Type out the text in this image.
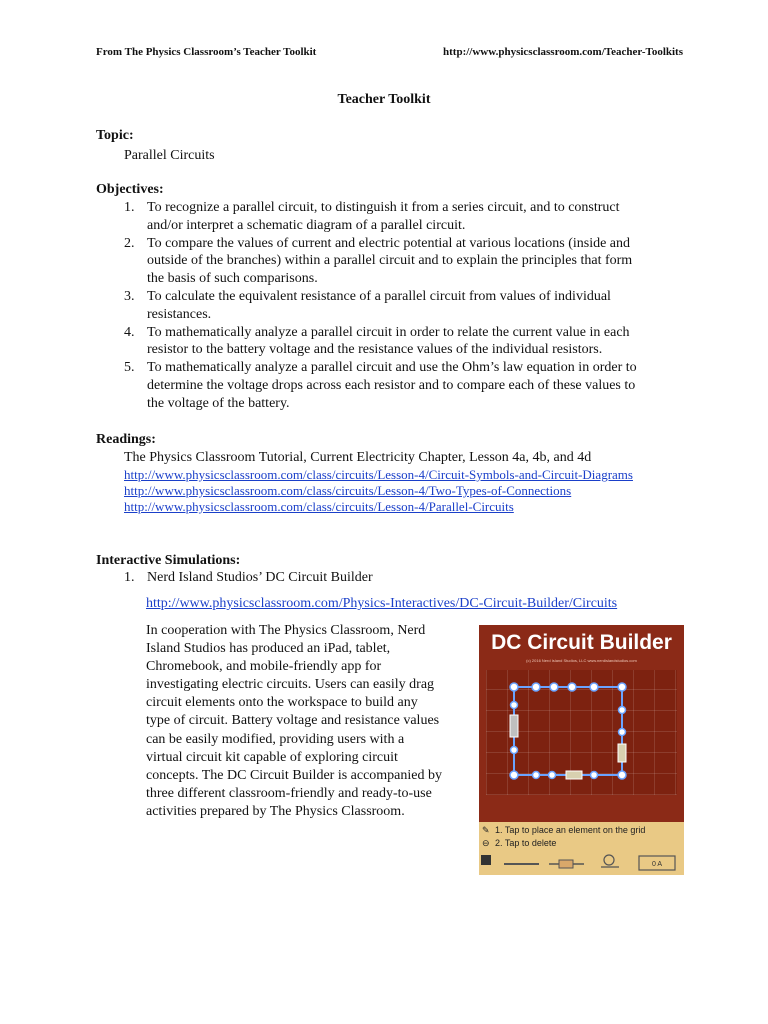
From The Physics Classroom’s Teacher Toolkit	http://www.physicsclassroom.com/Teacher-Toolkits
Teacher Toolkit
Topic:
Parallel Circuits
Objectives:
1. To recognize a parallel circuit, to distinguish it from a series circuit, and to construct
and/or interpret a schematic diagram of a parallel circuit.
2. To compare the values of current and electric potential at various locations (inside and
outside of the branches) within a parallel circuit and to explain the principles that form
the basis of such comparisons.
3. To calculate the equivalent resistance of a parallel circuit from values of individual
resistances.
4. To mathematically analyze a parallel circuit in order to relate the current value in each
resistor to the battery voltage and the resistance values of the individual resistors.
5. To mathematically analyze a parallel circuit and use the Ohm’s law equation in order to
determine the voltage drops across each resistor and to compare each of these values to
the voltage of the battery.
Readings:
The Physics Classroom Tutorial, Current Electricity Chapter, Lesson 4a, 4b, and 4d
http://www.physicsclassroom.com/class/circuits/Lesson-4/Circuit-Symbols-and-Circuit-Diagrams
http://www.physicsclassroom.com/class/circuits/Lesson-4/Two-Types-of-Connections
http://www.physicsclassroom.com/class/circuits/Lesson-4/Parallel-Circuits
Interactive Simulations:
1. Nerd Island Studios’ DC Circuit Builder
http://www.physicsclassroom.com/Physics-Interactives/DC-Circuit-Builder/Circuits
In cooperation with The Physics Classroom, Nerd
Island Studios has produced an iPad, tablet,
Chromebook, and mobile-friendly app for
investigating electric circuits. Users can easily drag
circuit elements onto the workspace to build any
type of circuit. Battery voltage and resistance values
can be easily modified, providing users with a
virtual circuit kit capable of exploring circuit
concepts. The DC Circuit Builder is accompanied by
three different classroom-friendly and ready-to-use
activities prepared by The Physics Classroom.
DC Circuit Builder
(c) 2016 Nerd Island Studios, LLC www.nerdislandstudios.com
✎ 1. Tap to place an element on the grid
⊖ 2. Tap to delete
0 A
